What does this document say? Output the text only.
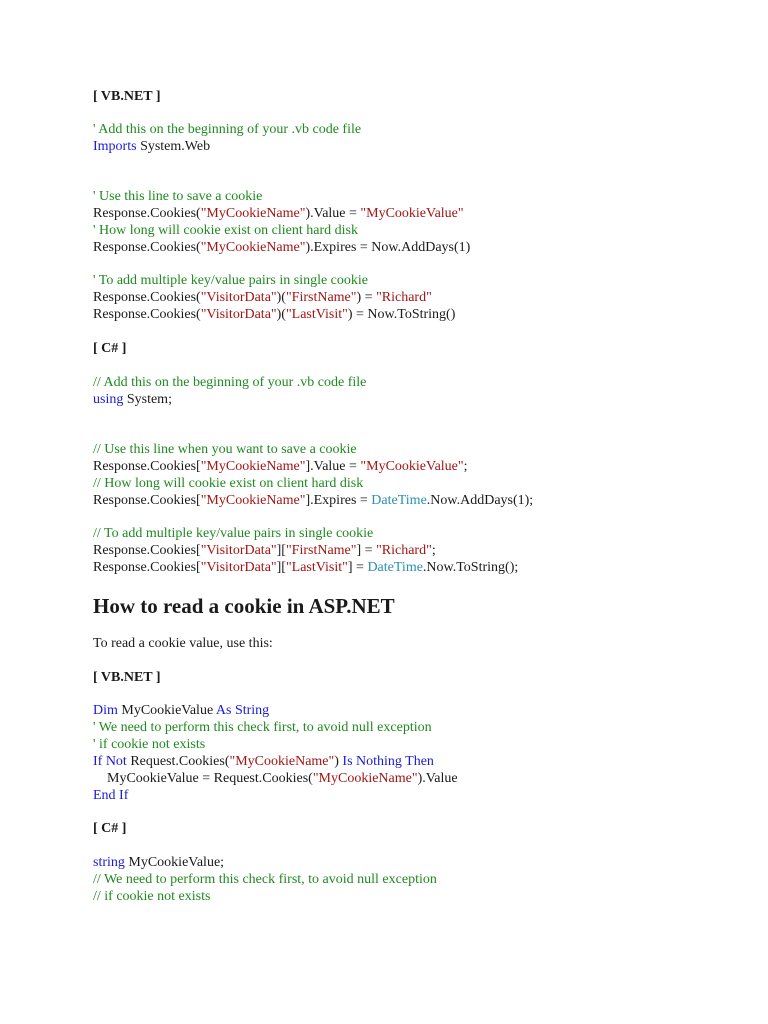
[ VB.NET ]
' Add this on the beginning of your .vb code file
Imports System.Web
' Use this line to save a cookie
Response.Cookies("MyCookieName").Value = "MyCookieValue"
' How long will cookie exist on client hard disk
Response.Cookies("MyCookieName").Expires = Now.AddDays(1)
' To add multiple key/value pairs in single cookie
Response.Cookies("VisitorData")("FirstName") = "Richard"
Response.Cookies("VisitorData")("LastVisit") = Now.ToString()
[ C# ]
// Add this on the beginning of your .vb code file
using System;
// Use this line when you want to save a cookie
Response.Cookies["MyCookieName"].Value = "MyCookieValue";
// How long will cookie exist on client hard disk
Response.Cookies["MyCookieName"].Expires = DateTime.Now.AddDays(1);
// To add multiple key/value pairs in single cookie
Response.Cookies["VisitorData"]["FirstName"] = "Richard";
Response.Cookies["VisitorData"]["LastVisit"] = DateTime.Now.ToString();
To read a cookie value, use this:
[ VB.NET ]
Dim MyCookieValue As String
' We need to perform this check first, to avoid null exception
' if cookie not exists
If Not Request.Cookies("MyCookieName") Is Nothing Then
MyCookieValue = Request.Cookies("MyCookieName").Value
End If
[ C# ]
string MyCookieValue;
// We need to perform this check first, to avoid null exception
// if cookie not exists
How to read a cookie in ASP.NET
